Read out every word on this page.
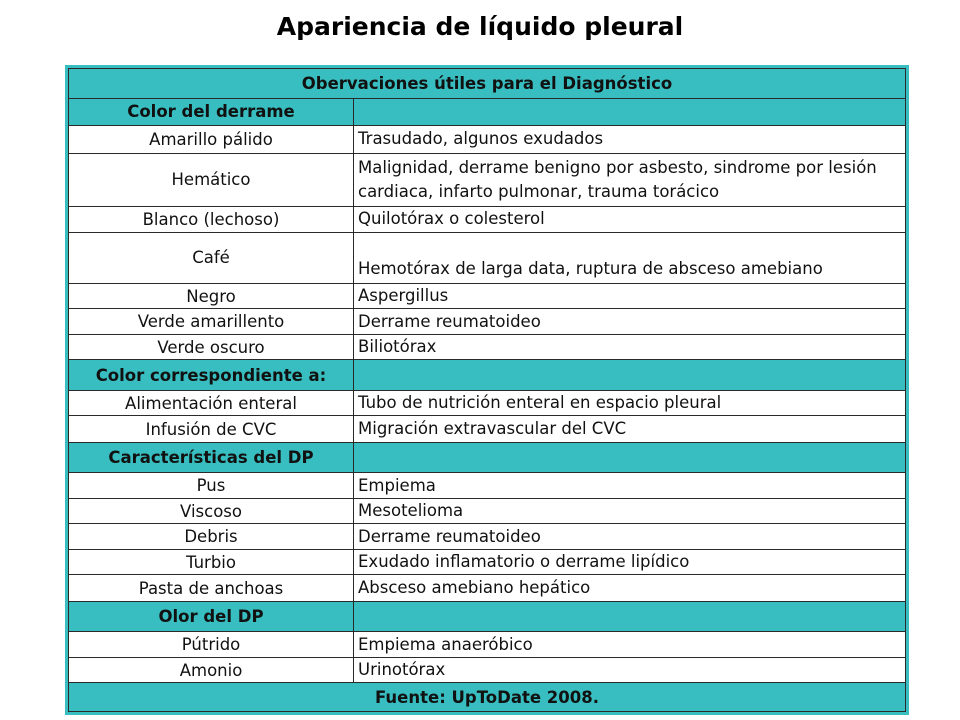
Apariencia de líquido pleural
Obervaciones útiles para el Diagnóstico	
Color del derrame	
Amarillo pálido	Trasudado, algunos exudados
Hemático	Malignidad, derrame benigno por asbesto, sindrome por lesión cardiaca, infarto pulmonar, trauma torácico
Blanco (lechoso)	Quilotórax o colesterol
Café	Hemotórax de larga data, ruptura de absceso amebiano
Negro	Aspergillus
Verde amarillento	Derrame reumatoideo
Verde oscuro	Biliotórax
Color correspondiente a:	
Alimentación enteral	Tubo de nutrición enteral en espacio pleural
Infusión de CVC	Migración extravascular del CVC
Características del DP	
Pus	Empiema
Viscoso	Mesotelioma
Debris	Derrame reumatoideo
Turbio	Exudado inflamatorio o derrame lipídico
Pasta de anchoas	Absceso amebiano hepático
Olor del DP	
Pútrido	Empiema anaeróbico
Amonio	Urinotórax
Fuente: UpToDate 2008.	
